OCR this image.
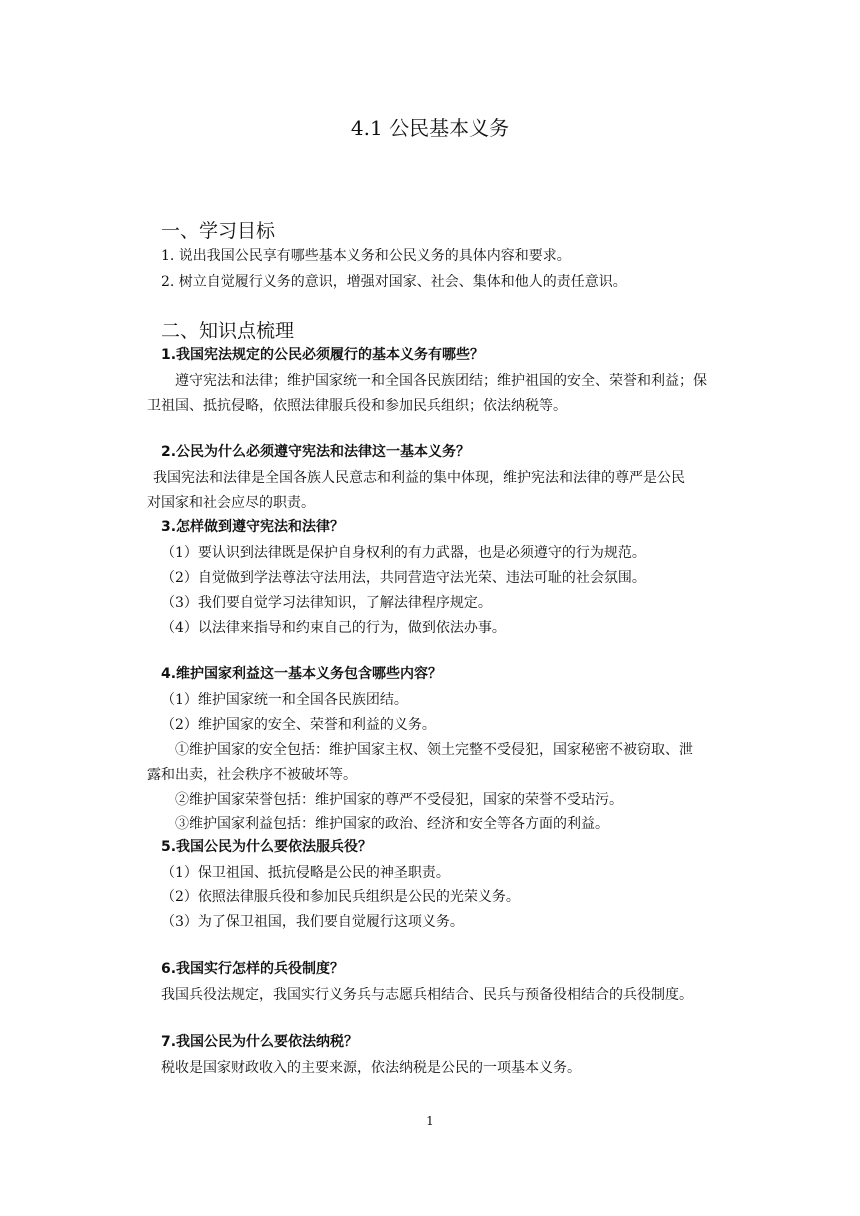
4.1 公民基本义务
一、学习目标
1. 说出我国公民享有哪些基本义务和公民义务的具体内容和要求。
2. 树立自觉履行义务的意识，增强对国家、社会、集体和他人的责任意识。
二、知识点梳理
1.我国宪法规定的公民必须履行的基本义务有哪些？
遵守宪法和法律；维护国家统一和全国各民族团结；维护祖国的安全、荣誉和利益；保
卫祖国、抵抗侵略，依照法律服兵役和参加民兵组织；依法纳税等。
2.公民为什么必须遵守宪法和法律这一基本义务？
我国宪法和法律是全国各族人民意志和利益的集中体现，维护宪法和法律的尊严是公民
对国家和社会应尽的职责。
3.怎样做到遵守宪法和法律？
（1）要认识到法律既是保护自身权利的有力武器，也是必须遵守的行为规范。
（2）自觉做到学法尊法守法用法，共同营造守法光荣、违法可耻的社会氛围。
（3）我们要自觉学习法律知识，了解法律程序规定。
（4）以法律来指导和约束自己的行为，做到依法办事。
4.维护国家利益这一基本义务包含哪些内容？
（1）维护国家统一和全国各民族团结。
（2）维护国家的安全、荣誉和利益的义务。
①维护国家的安全包括：维护国家主权、领土完整不受侵犯，国家秘密不被窃取、泄
露和出卖，社会秩序不被破坏等。
②维护国家荣誉包括：维护国家的尊严不受侵犯，国家的荣誉不受玷污。
③维护国家利益包括：维护国家的政治、经济和安全等各方面的利益。
5.我国公民为什么要依法服兵役？
（1）保卫祖国、抵抗侵略是公民的神圣职责。
（2）依照法律服兵役和参加民兵组织是公民的光荣义务。
（3）为了保卫祖国，我们要自觉履行这项义务。
6.我国实行怎样的兵役制度？
我国兵役法规定，我国实行义务兵与志愿兵相结合、民兵与预备役相结合的兵役制度。
7.我国公民为什么要依法纳税？
税收是国家财政收入的主要来源，依法纳税是公民的一项基本义务。
1
